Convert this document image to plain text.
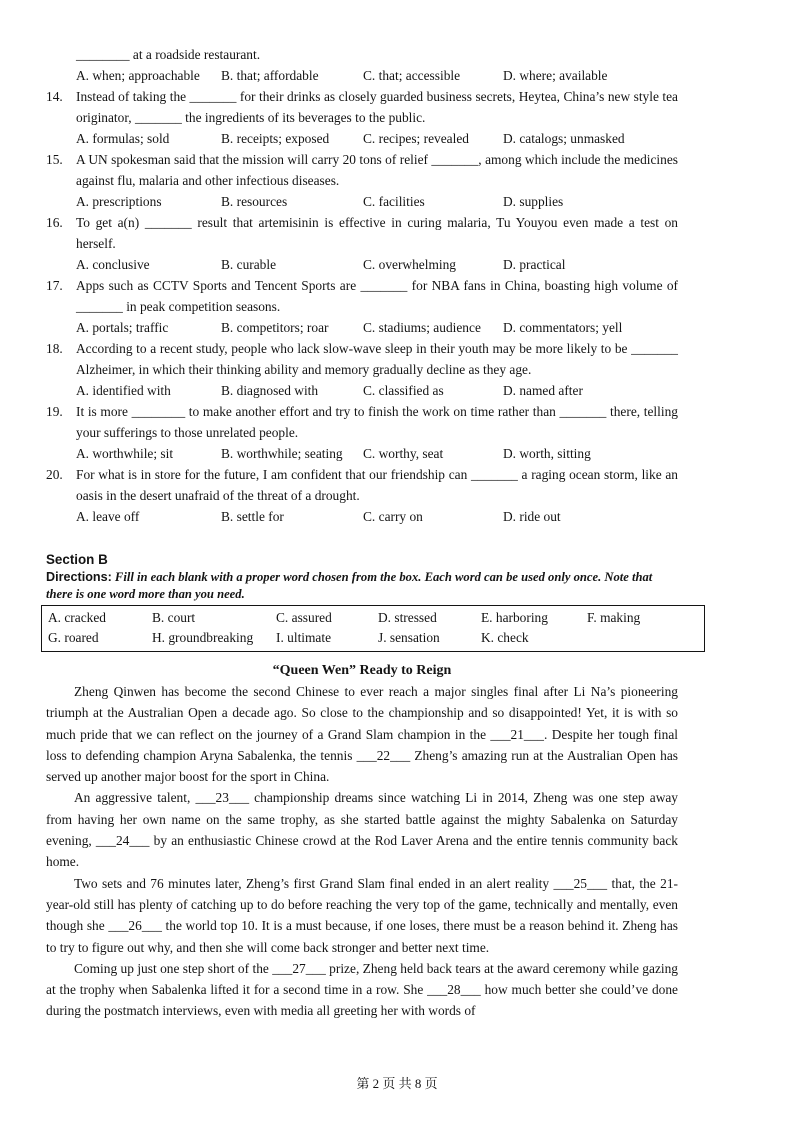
________ at a roadside restaurant.
A. when; approachable	B. that; affordable	C. that; accessible	D. where; available
14. Instead of taking the _______ for their drinks as closely guarded business secrets, Heytea, China’s new style tea originator, _______ the ingredients of its beverages to the public.
A. formulas; sold	B. receipts; exposed	C. recipes; revealed	D. catalogs; unmasked
15. A UN spokesman said that the mission will carry 20 tons of relief _______, among which include the medicines against flu, malaria and other infectious diseases.
A. prescriptions	B. resources	C. facilities	D. supplies
16. To get a(n) _______ result that artemisinin is effective in curing malaria, Tu Youyou even made a test on herself.
A. conclusive	B. curable	C. overwhelming	D. practical
17. Apps such as CCTV Sports and Tencent Sports are _______ for NBA fans in China, boasting high volume of _______ in peak competition seasons.
A. portals; traffic	B. competitors; roar	C. stadiums; audience	D. commentators; yell
18. According to a recent study, people who lack slow-wave sleep in their youth may be more likely to be _______ Alzheimer, in which their thinking ability and memory gradually decline as they age.
A. identified with	B. diagnosed with	C. classified as	D. named after
19. It is more ________ to make another effort and try to finish the work on time rather than _______ there, telling your sufferings to those unrelated people.
A. worthwhile; sit	B. worthwhile; seating	C. worthy, seat	D. worth, sitting
20. For what is in store for the future, I am confident that our friendship can _______ a raging ocean storm, like an oasis in the desert unafraid of the threat of a drought.
A. leave off	B. settle for	C. carry on	D. ride out
Section B
Directions: Fill in each blank with a proper word chosen from the box. Each word can be used only once. Note that there is one word more than you need.
A. cracked	B. court	C. assured	D. stressed	E. harboring	F. making
G. roared	H. groundbreaking	I. ultimate	J. sensation	K. check
“Queen Wen” Ready to Reign
Zheng Qinwen has become the second Chinese to ever reach a major singles final after Li Na’s pioneering triumph at the Australian Open a decade ago. So close to the championship and so disappointed! Yet, it is with so much pride that we can reflect on the journey of a Grand Slam champion in the ___21___. Despite her tough final loss to defending champion Aryna Sabalenka, the tennis ___22___ Zheng’s amazing run at the Australian Open has served up another major boost for the sport in China.
An aggressive talent, ___23___ championship dreams since watching Li in 2014, Zheng was one step away from having her own name on the same trophy, as she started battle against the mighty Sabalenka on Saturday evening, ___24___ by an enthusiastic Chinese crowd at the Rod Laver Arena and the entire tennis community back home.
Two sets and 76 minutes later, Zheng’s first Grand Slam final ended in an alert reality ___25___ that, the 21-year-old still has plenty of catching up to do before reaching the very top of the game, technically and mentally, even though she ___26___ the world top 10. It is a must because, if one loses, there must be a reason behind it. Zheng has to try to figure out why, and then she will come back stronger and better next time.
Coming up just one step short of the ___27___ prize, Zheng held back tears at the award ceremony while gazing at the trophy when Sabalenka lifted it for a second time in a row. She ___28___ how much better she could’ve done during the postmatch interviews, even with media all greeting her with words of
第 2 页 共 8 页
